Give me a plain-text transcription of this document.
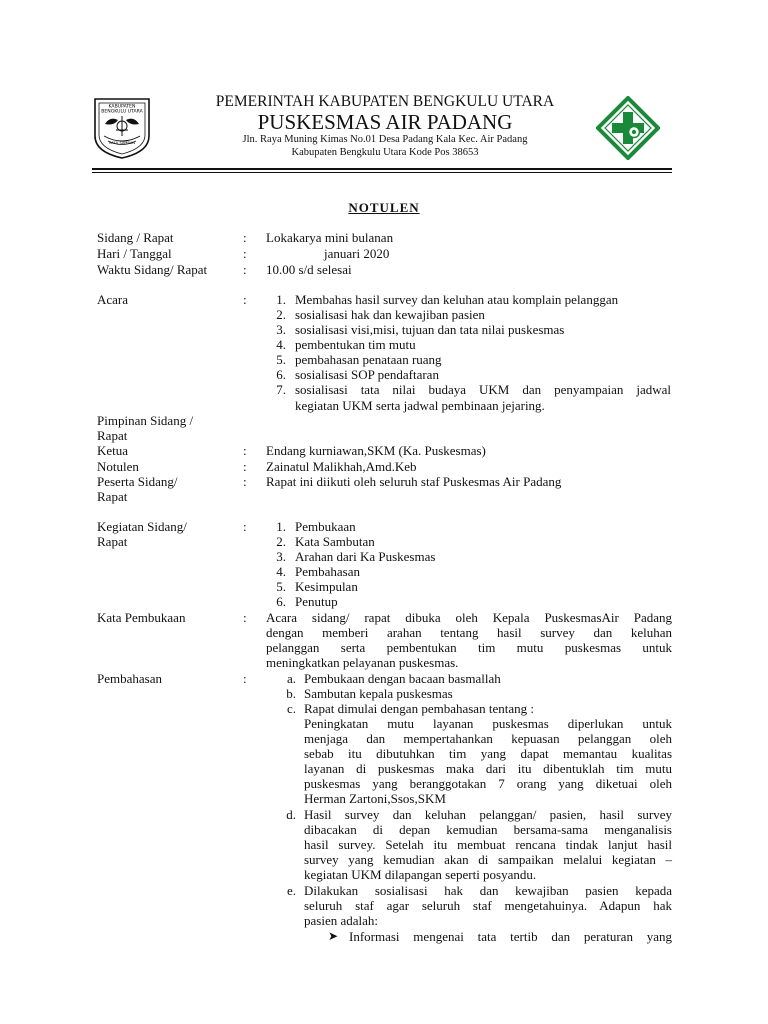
KABUPATEN
BENGKULU UTARA
RATU SAMBAN
PEMERINTAH KABUPATEN BENGKULU UTARA
PUSKESMAS AIR PADANG
Jln. Raya Muning Kimas No.01 Desa Padang Kala Kec. Air Padang
Kabupaten Bengkulu Utara Kode Pos 38653
NOTULEN
Sidang / Rapat	: Lokakarya mini bulanan
Hari / Tanggal	:	januari 2020
Waktu Sidang/ Rapat	: 10.00 s/d selesai
Acara	:	1. Membahas hasil survey dan keluhan atau komplain pelanggan
2. sosialisasi hak dan kewajiban pasien
3. sosialisasi visi,misi, tujuan dan tata nilai puskesmas
4. pembentukan tim mutu
5. pembahasan penataan ruang
6. sosialisasi SOP pendaftaran
7. sosialisasi tata nilai budaya UKM dan penyampaian jadwal
kegiatan UKM serta jadwal pembinaan jejaring.
Pimpinan Sidang /
Rapat
Ketua	: Endang kurniawan,SKM (Ka. Puskesmas)
Notulen	: Zainatul Malikhah,Amd.Keb
Peserta Sidang/
Rapat
: Rapat ini diikuti oleh seluruh staf Puskesmas Air Padang
Kegiatan Sidang/
Rapat
:	1. Pembukaan
2. Kata Sambutan
3. Arahan dari Ka Puskesmas
4. Pembahasan
5. Kesimpulan
6. Penutup
Kata Pembukaan	: Acara sidang/ rapat dibuka oleh Kepala PuskesmasAir Padang
dengan memberi arahan tentang hasil survey dan keluhan
pelanggan serta pembentukan tim mutu puskesmas untuk
meningkatkan pelayanan puskesmas.
Pembahasan	:	a. Pembukaan dengan bacaan basmallah
b. Sambutan kepala puskesmas
c. Rapat dimulai dengan pembahasan tentang :
Peningkatan mutu layanan puskesmas diperlukan untuk
menjaga dan mempertahankan kepuasan pelanggan oleh
sebab itu dibutuhkan tim yang dapat memantau kualitas
layanan di puskesmas maka dari itu dibentuklah tim mutu
puskesmas yang beranggotakan 7 orang yang diketuai oleh
Herman Zartoni,Ssos,SKM
d. Hasil survey dan keluhan pelanggan/ pasien, hasil survey
dibacakan di depan kemudian bersama-sama menganalisis
hasil survey. Setelah itu membuat rencana tindak lanjut hasil
survey yang kemudian akan di sampaikan melalui kegiatan –
kegiatan UKM dilapangan seperti posyandu.
e. Dilakukan sosialisasi hak dan kewajiban pasien kepada
seluruh staf agar seluruh staf mengetahuinya. Adapun hak
pasien adalah:
➤ Informasi mengenai tata tertib dan peraturan yang
